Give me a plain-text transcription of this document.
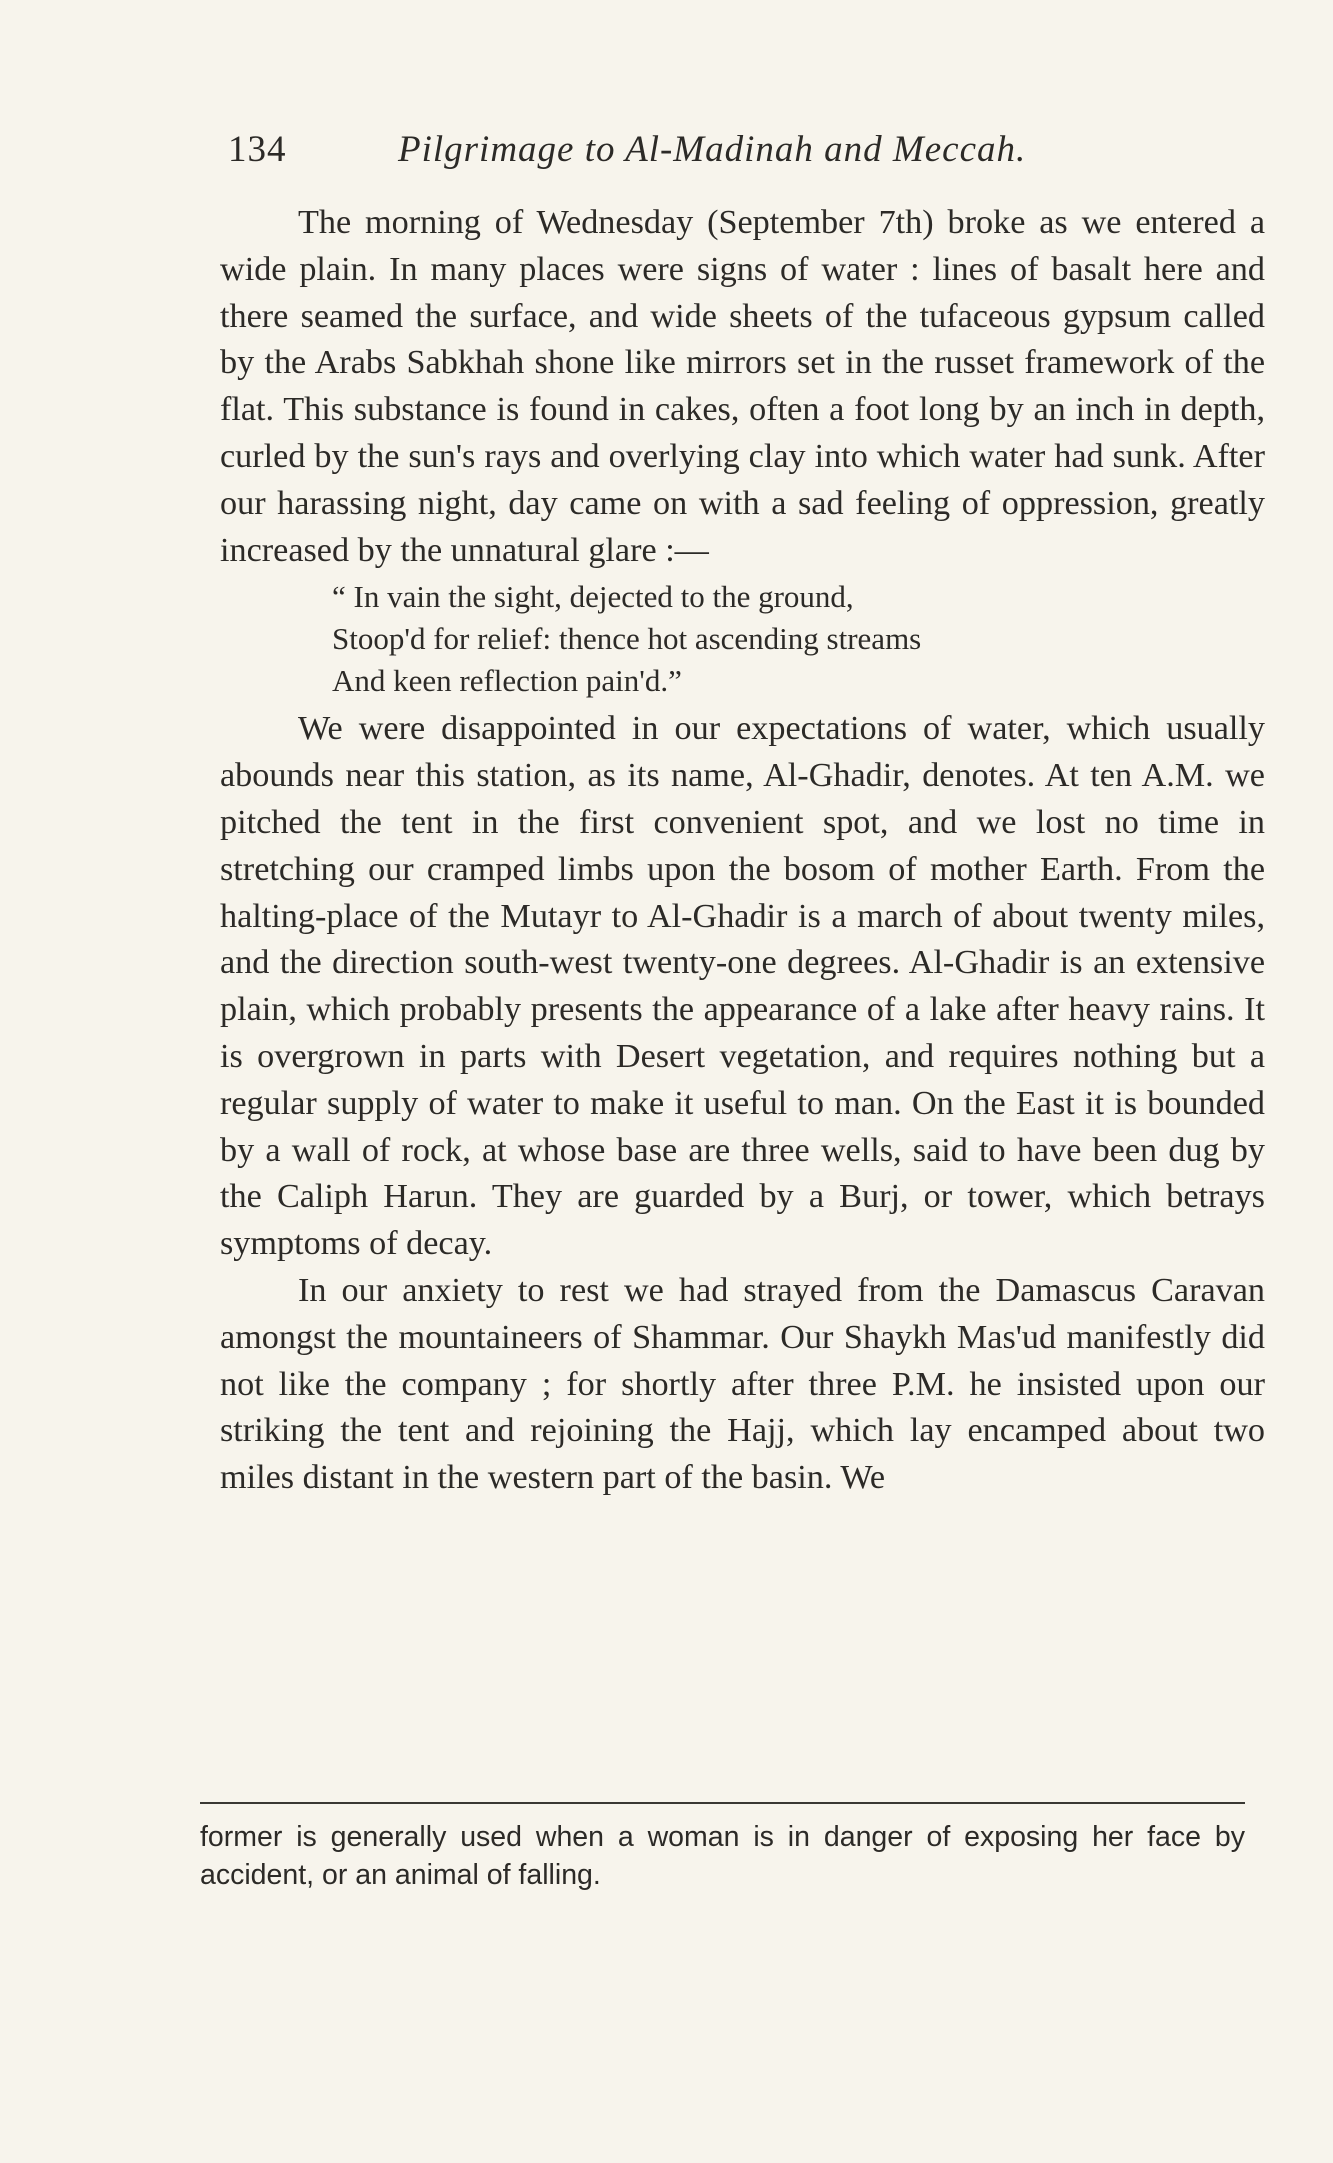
134	Pilgrimage to Al-Madinah and Meccah.

The morning of Wednesday (September 7th) broke as we entered a wide plain. In many places were signs of water : lines of basalt here and there seamed the surface, and wide sheets of the tufaceous gypsum called by the Arabs Sabkhah shone like mirrors set in the russet framework of the flat. This substance is found in cakes, often a foot long by an inch in depth, curled by the sun's rays and overlying clay into which water had sunk. After our harassing night, day came on with a sad feeling of oppression, greatly increased by the unnatural glare :—

“ In vain the sight, dejected to the ground,
Stoop'd for relief: thence hot ascending streams
And keen reflection pain'd.”

We were disappointed in our expectations of water, which usually abounds near this station, as its name, Al-Ghadir, denotes. At ten A.M. we pitched the tent in the first convenient spot, and we lost no time in stretching our cramped limbs upon the bosom of mother Earth. From the halting-place of the Mutayr to Al-Ghadir is a march of about twenty miles, and the direction south-west twenty-one degrees. Al-Ghadir is an extensive plain, which probably presents the appearance of a lake after heavy rains. It is overgrown in parts with Desert vegetation, and requires nothing but a regular supply of water to make it useful to man. On the East it is bounded by a wall of rock, at whose base are three wells, said to have been dug by the Caliph Harun. They are guarded by a Burj, or tower, which betrays symptoms of decay.

In our anxiety to rest we had strayed from the Damascus Caravan amongst the mountaineers of Shammar. Our Shaykh Mas'ud manifestly did not like the company ; for shortly after three P.M. he insisted upon our striking the tent and rejoining the Hajj, which lay encamped about two miles distant in the western part of the basin. We

former is generally used when a woman is in danger of exposing her face by accident, or an animal of falling.
